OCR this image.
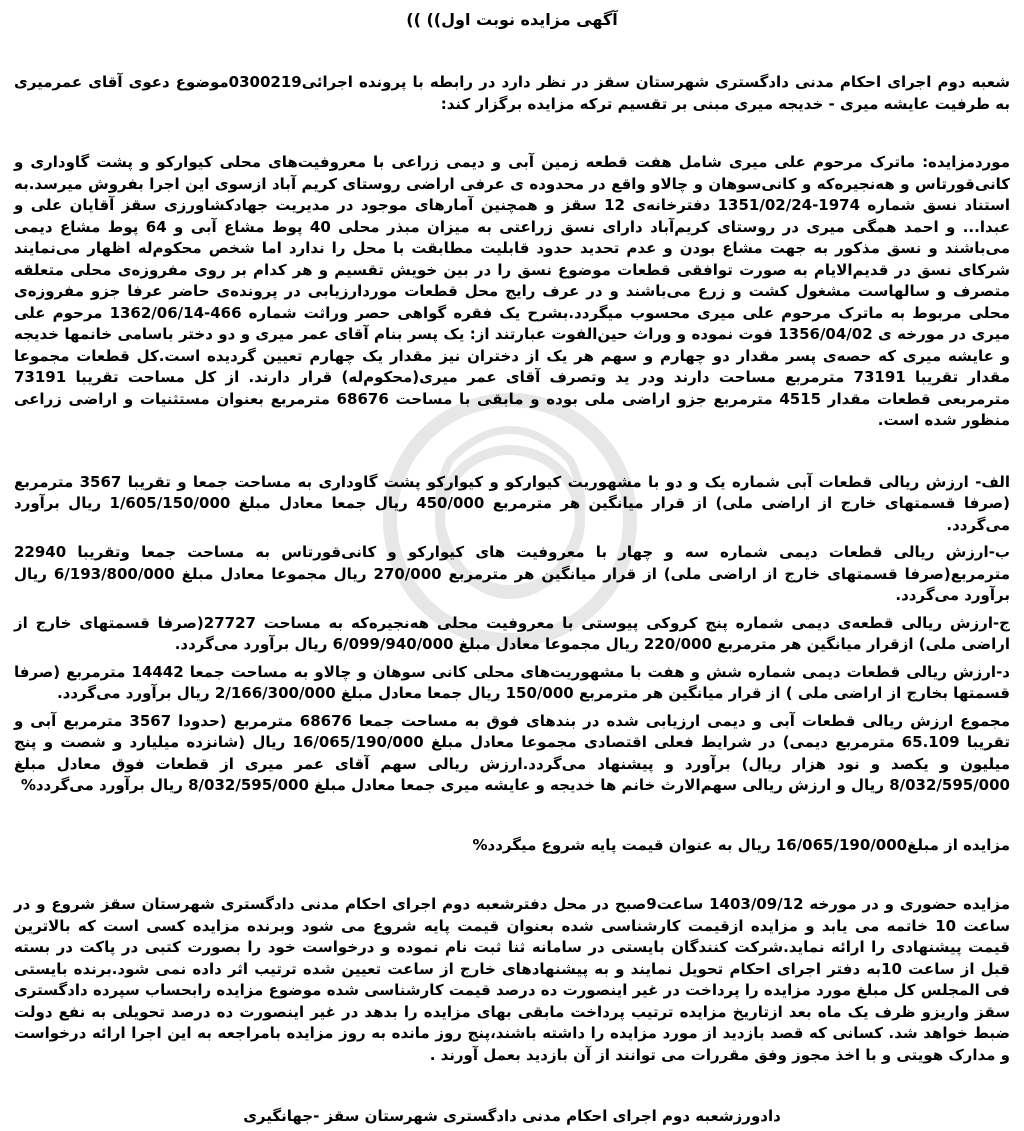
آگهی مزایده نوبت اول)) ))

شعبه دوم اجرای احکام مدنی دادگستری شهرستان سقز در نظر دارد در رابطه با پرونده اجرائی0300219موضوع دعوی آقای عمرمیری به طرفیت عایشه میری - خدیجه میری مبنی بر تقسیم ترکه مزایده برگزار کند:

موردمزایده: ماترک مرحوم علی میری شامل هفت قطعه زمین آبی و دیمی زراعی با معروفیت‌های محلی کیوارکو و پشت گاوداری و کانی‌قورتاس و هه‌نجیره‌که و کانی‌سوهان و چالاو واقع در محدوده ی عرفی اراضی روستای کریم آباد ازسوی این اجرا بفروش میرسد.به استناد نسق شماره 1974-1351/02/24 دفترخانه‌ی 12 سقز و همچنین آمارهای موجود در مدیریت جهادکشاورزی سقز آقایان علی و عبدا... و احمد همگی میری در روستای کریم‌آباد دارای نسق زراعتی به میزان مبذر محلی 40 پوط مشاع آبی و 64 پوط مشاع دیمی می‌باشند و نسق مذکور به جهت مشاع بودن و عدم تحدید حدود قابلیت مطابقت با محل را ندارد اما شخص محکوم‌له اظهار می‌نمایند شرکای نسق در قدیم‌الایام به صورت توافقی قطعات موضوع نسق را در بین خویش تقسیم و هر کدام بر روی مفروزه‌ی محلی متعلقه متصرف و سالهاست مشغول کشت و زرع می‌باشند و در عرف رایج محل قطعات موردارزیابی در پرونده‌ی حاضر عرفا جزو مفروزه‌ی محلی مربوط به ماترک مرحوم علی میری محسوب میگردد.بشرح یک فقره گواهی حصر وراثت شماره 466-1362/06/14 مرحوم علی میری در مورخه ی 1356/04/02 فوت نموده و وراث حین‌الفوت عبارتند از: یک پسر بنام آقای عمر میری و دو دختر باسامی خانمها خدیجه و عایشه میری که حصه‌ی پسر مقدار دو چهارم و سهم هر یک از دختران نیز مقدار یک چهارم تعیین گردیده است.کل قطعات مجموعا مقدار تقریبا 73191 مترمربع مساحت دارند ودر ید وتصرف آقای عمر میری(محکوم‌له) قرار دارند. از کل مساحت تقریبا 73191 مترمربعی قطعات مقدار 4515 مترمربع جزو اراضی ملی بوده و مابقی با مساحت 68676 مترمربع بعنوان مستثنیات و اراضی زراعی منظور شده است.

الف- ارزش ریالی قطعات آبی شماره یک و دو با مشهوریت کیوارکو و کیوارکو پشت گاوداری به مساحت جمعا و تقریبا 3567 مترمربع (صرفا قسمتهای خارج از اراضی ملی) از قرار میانگین هر مترمربع 450/000 ریال جمعا معادل مبلغ 1/605/150/000 ریال برآورد می‌گردد.

ب-ارزش ریالی قطعات دیمی شماره سه و چهار با معروفیت های کیوارکو و کانی‌قورتاس به مساحت جمعا وتقریبا 22940 مترمربع(صرفا قسمتهای خارج از اراضی ملی) از قرار میانگین هر مترمربع 270/000 ریال مجموعا معادل مبلغ 6/193/800/000 ریال برآورد می‌گردد.

ج-ارزش ریالی قطعه‌ی دیمی شماره پنج کروکی پیوستی با معروفیت محلی هه‌نجیره‌که به مساحت 27727(صرفا قسمتهای خارج از اراضی ملی) ازقرار میانگین هر مترمربع 220/000 ریال مجموعا معادل مبلغ 6/099/940/000 ریال برآورد می‌گردد.

د-ارزش ریالی قطعات دیمی شماره شش و هفت با مشهوریت‌های محلی کانی سوهان و چالاو به مساحت جمعا 14442 مترمربع (صرفا قسمتها بخارج از اراضی ملی ) از قرار میانگین هر مترمربع 150/000 ریال جمعا معادل مبلغ 2/166/300/000 ریال برآورد می‌گردد.

مجموع ارزش ریالی قطعات آبی و دیمی ارزیابی شده در بندهای فوق به مساحت جمعا 68676 مترمربع (حدودا 3567 مترمربع آبی و تقریبا 65.109 مترمربع دیمی) در شرایط فعلی اقتصادی مجموعا معادل مبلغ 16/065/190/000 ریال (شانزده میلیارد و شصت و پنج میلیون و یکصد و نود هزار ریال) برآورد و پیشنهاد می‌گردد.ارزش ریالی سهم آقای عمر میری از قطعات فوق معادل مبلغ 8/032/595/000 ریال و ارزش ریالی سهم‌الارث خانم ها خدیجه و عایشه میری جمعا معادل مبلغ 8/032/595/000 ریال برآورد می‌گردد%

مزایده از مبلغ16/065/190/000 ریال به عنوان قیمت پایه شروع میگردد%

مزایده حضوری و در مورخه 1403/09/12 ساعت9صبح در محل دفترشعبه دوم اجرای احکام مدنی دادگستری شهرستان سقز شروع و در ساعت 10 خاتمه می یابد و مزایده ازقیمت کارشناسی شده بعنوان قیمت پایه شروع می شود وبرنده مزایده کسی است که بالاترین قیمت پیشنهادی را ارائه نماید.شرکت کنندگان بایستی در سامانه ثنا ثبت نام نموده و درخواست خود را بصورت کتبی در پاکت در بسته قبل از ساعت 10به دفتر اجرای احکام تحویل نمایند و به پیشنهادهای خارج از ساعت تعیین شده ترتیب اثر داده نمی شود.برنده بایستی فی المجلس کل مبلغ مورد مزایده را پرداخت در غیر اینصورت ده درصد قیمت کارشناسی شده موضوع مزایده رابحساب سپرده دادگستری سقز واریزو ظرف یک ماه بعد ازتاریخ مزایده ترتیب پرداخت مابقی بهای مزایده را بدهد در غیر اینصورت ده درصد تحویلی به نفع دولت ضبط خواهد شد. کسانی که قصد بازدید از مورد مزایده را داشته باشند،پنج روز مانده به روز مزایده بامراجعه به این اجرا ارائه درخواست و مدارک هویتی و با اخذ مجوز وفق مقررات می توانند از آن بازدید بعمل آورند .

دادورزشعبه دوم اجرای احکام مدنی دادگستری شهرستان سقز -جهانگیری
